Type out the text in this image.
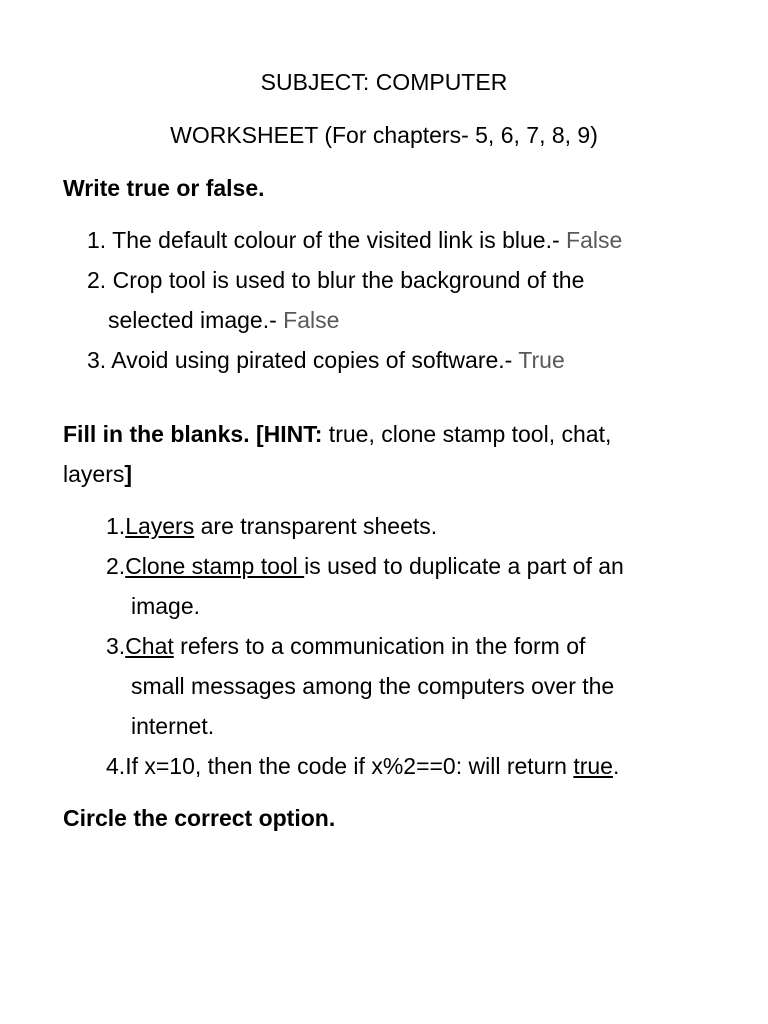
SUBJECT: COMPUTER
WORKSHEET (For chapters- 5, 6, 7, 8, 9)
Write true or false.
1. The default colour of the visited link is blue.- False
2. Crop tool is used to blur the background of the
selected image.- False
3. Avoid using pirated copies of software.- True
Fill in the blanks. [HINT: true, clone stamp tool, chat,
layers]
1.Layers are transparent sheets.
2.Clone stamp tool is used to duplicate a part of an
image.
3.Chat refers to a communication in the form of
small messages among the computers over the
internet.
4.If x=10, then the code if x%2==0: will return true.
Circle the correct option.
